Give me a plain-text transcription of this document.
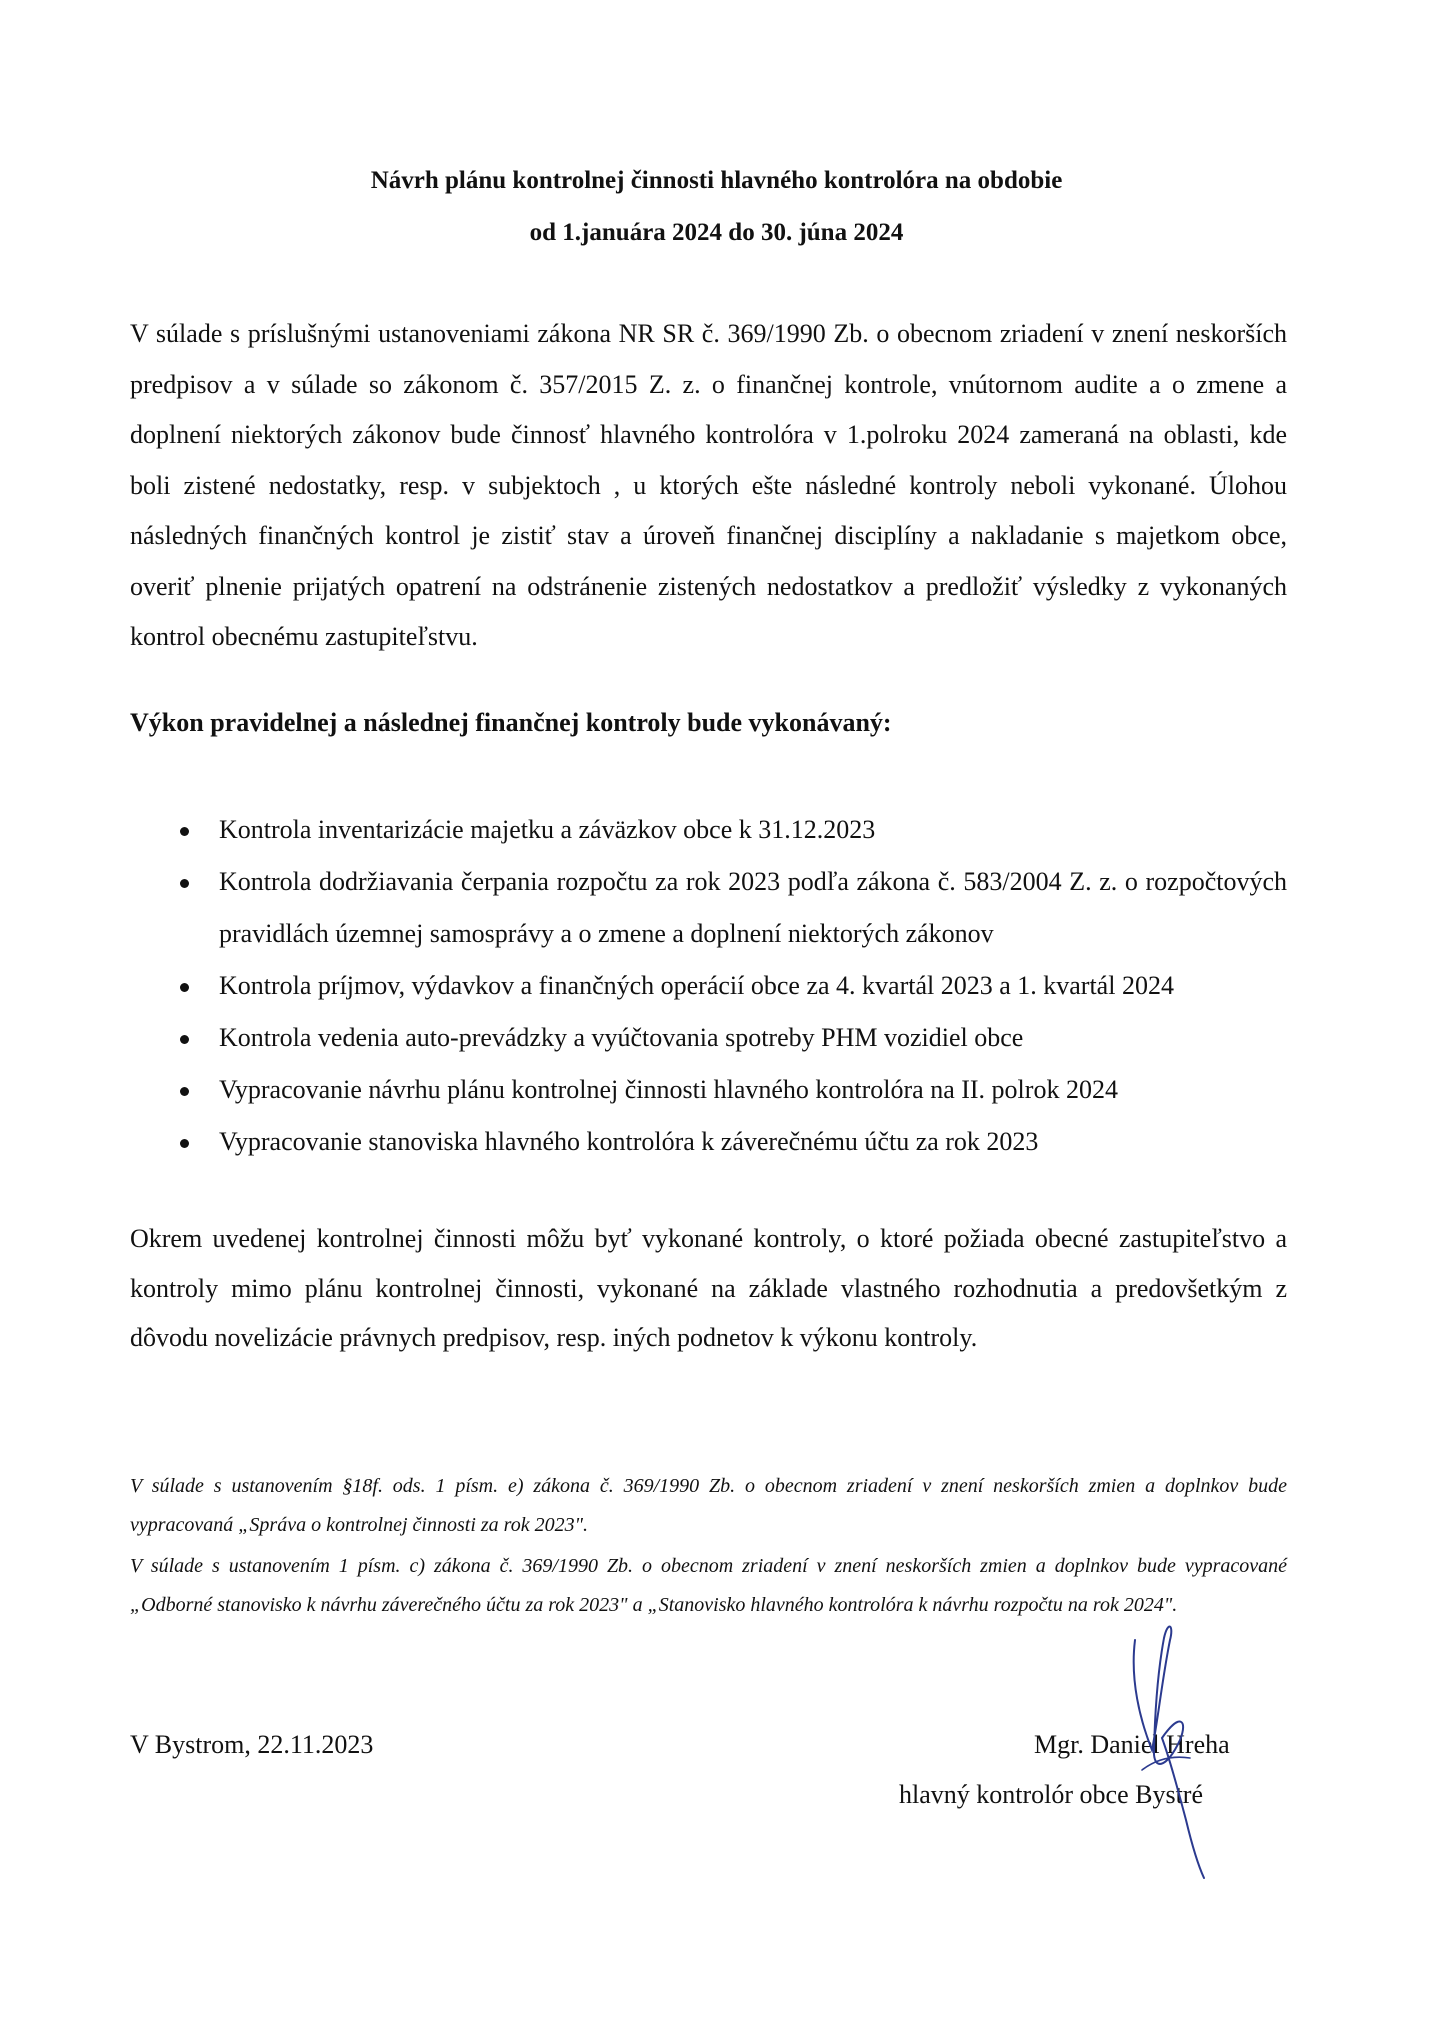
Návrh plánu kontrolnej činnosti hlavného kontrolóra na obdobie

od 1.januára 2024 do 30. júna 2024

V súlade s príslušnými ustanoveniami zákona NR SR č. 369/1990 Zb. o obecnom zriadení v znení neskorších predpisov a v súlade so zákonom č. 357/2015 Z. z. o finančnej kontrole, vnútornom audite a o zmene a doplnení niektorých zákonov bude činnosť hlavného kontrolóra v 1.polroku 2024 zameraná na oblasti, kde boli zistené nedostatky, resp. v subjektoch , u ktorých ešte následné kontroly neboli vykonané. Úlohou následných finančných kontrol je zistiť stav a úroveň finančnej disciplíny a nakladanie s majetkom obce, overiť plnenie prijatých opatrení na odstránenie zistených nedostatkov a predložiť výsledky z vykonaných kontrol obecnému zastupiteľstvu.

Výkon pravidelnej a následnej finančnej kontroly bude vykonávaný:

Kontrola inventarizácie majetku a záväzkov obce k 31.12.2023
Kontrola dodržiavania čerpania rozpočtu za rok 2023 podľa zákona č. 583/2004 Z. z. o rozpočtových pravidlách územnej samosprávy a o zmene a doplnení niektorých zákonov
Kontrola príjmov, výdavkov a finančných operácií obce za 4. kvartál 2023 a 1. kvartál 2024
Kontrola vedenia auto-prevádzky a vyúčtovania spotreby PHM vozidiel obce
Vypracovanie návrhu plánu kontrolnej činnosti hlavného kontrolóra na II. polrok 2024
Vypracovanie stanoviska hlavného kontrolóra k záverečnému účtu za rok 2023

Okrem uvedenej kontrolnej činnosti môžu byť vykonané kontroly, o ktoré požiada obecné zastupiteľstvo a kontroly mimo plánu kontrolnej činnosti, vykonané na základe vlastného rozhodnutia a predovšetkým z dôvodu novelizácie právnych predpisov, resp. iných podnetov k výkonu kontroly.

V súlade s ustanovením §18f. ods. 1 písm. e) zákona č. 369/1990 Zb. o obecnom zriadení v znení neskorších zmien a doplnkov bude vypracovaná „Správa o kontrolnej činnosti za rok 2023".

V súlade s ustanovením 1 písm. c) zákona č. 369/1990 Zb. o obecnom zriadení v znení neskorších zmien a doplnkov bude vypracované „Odborné stanovisko k návrhu záverečného účtu za rok 2023" a „Stanovisko hlavného kontrolóra k návrhu rozpočtu na rok 2024".

V Bystrom, 22.11.2023	Mgr. Daniel Hreha

hlavný kontrolór obce Bystré
